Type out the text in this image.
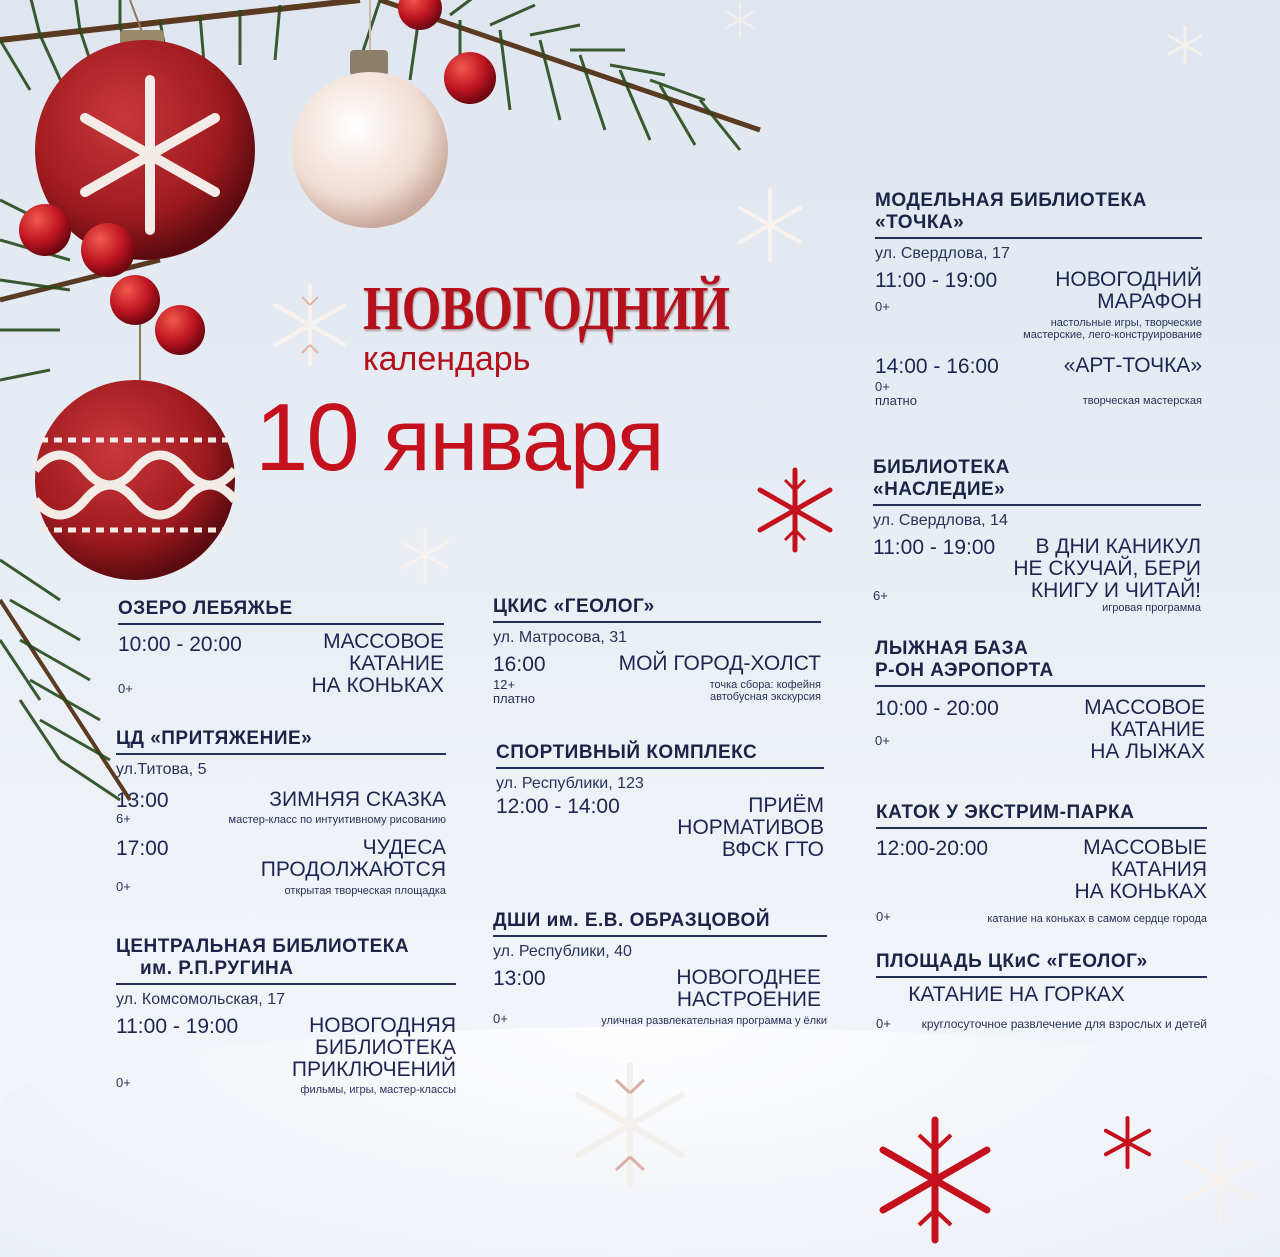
НОВОГОДНИЙ
календарь
10 января
ОЗЕРО ЛЕБЯЖЬЕ
10:00 - 20:00	МАССОВОЕ
КАТАНИЕ
НА КОНЬКАХ
0+
ЦД «ПРИТЯЖЕНИЕ»
ул.Титова, 5
13:00	ЗИМНЯЯ СКАЗКА
мастер-класс по интуитивному рисованию
6+
17:00	ЧУДЕСА
ПРОДОЛЖАЮТСЯ
открытая творческая площадка
0+
ЦЕНТРАЛЬНАЯ БИБЛИОТЕКА
им. Р.П.РУГИНА
ул. Комсомольская, 17
11:00 - 19:00	НОВОГОДНЯЯ
БИБЛИОТЕКА
ПРИКЛЮЧЕНИЙ
фильмы, игры, мастер-классы
0+
ЦКИС «ГЕОЛОГ»
ул. Матросова, 31
16:00	МОЙ ГОРОД-ХОЛСТ
точка сбора: кофейня
автобусная экскурсия
12+
платно
СПОРТИВНЫЙ КОМПЛЕКС
ул. Республики, 123
12:00 - 14:00	ПРИЁМ
НОРМАТИВОВ
ВФСК ГТО
ДШИ им. Е.В. ОБРАЗЦОВОЙ
ул. Республики, 40
13:00	НОВОГОДНЕЕ
НАСТРОЕНИЕ
уличная развлекательная программа у ёлки
0+
МОДЕЛЬНАЯ БИБЛИОТЕКА
«ТОЧКА»
ул. Свердлова, 17
11:00 - 19:00	НОВОГОДНИЙ
МАРАФОН
настольные игры, творческие
мастерские, лего-конструирование
0+
14:00 - 16:00	«АРТ-ТОЧКА»
творческая мастерская
0+
платно
БИБЛИОТЕКА
«НАСЛЕДИЕ»
ул. Свердлова, 14
11:00 - 19:00	В ДНИ КАНИКУЛ
НЕ СКУЧАЙ, БЕРИ
КНИГУ И ЧИТАЙ!
игровая программа
6+
ЛЫЖНАЯ БАЗА
Р-ОН АЭРОПОРТА
10:00 - 20:00	МАССОВОЕ
КАТАНИЕ
НА ЛЫЖАХ
0+
КАТОК У ЭКСТРИМ-ПАРКА
12:00-20:00	МАССОВЫЕ
КАТАНИЯ
НА КОНЬКАХ
катание на коньках в самом сердце города
0+
ПЛОЩАДЬ ЦКиС «ГЕОЛОГ»
КАТАНИЕ НА ГОРКАХ
круглосуточное развлечение для взрослых и детей
0+
